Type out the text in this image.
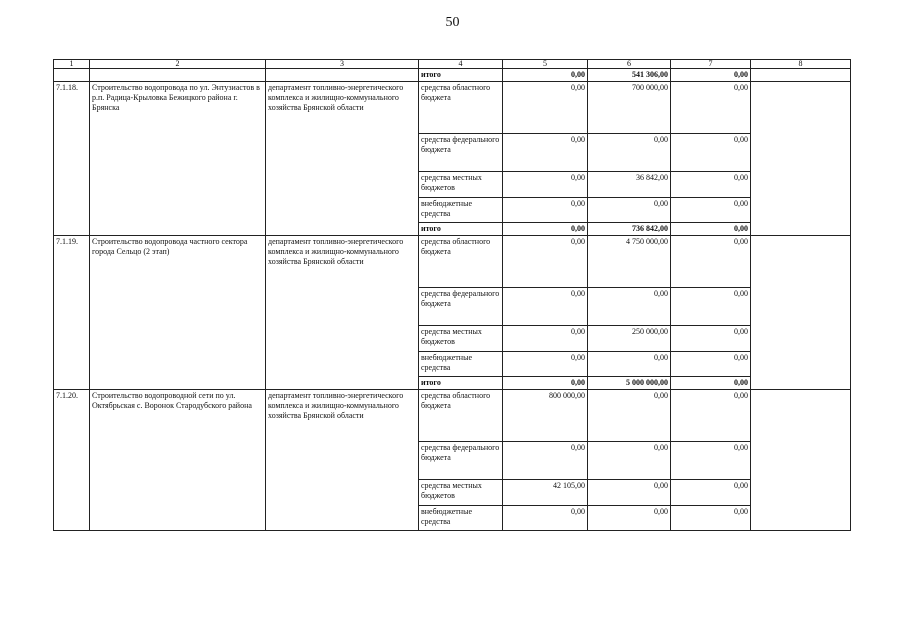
50
1	2	3	4	5	6	7	8
			итого	0,00	541 306,00	0,00	
7.1.18.	Строительство водопровода по ул. Энтузиастов в р.п. Радица-Крыловка Бежицкого района г. Брянска	департамент топливно-энергетического комплекса и жилищно-коммунального хозяйства Брянской области	средства областного бюджета	0,00	700 000,00	0,00	
			средства федерального бюджета	0,00	0,00	0,00	
			средства местных бюджетов	0,00	36 842,00	0,00	
			внебюджетные средства	0,00	0,00	0,00	
			итого	0,00	736 842,00	0,00	
7.1.19.	Строительство водопровода частного сектора города Сельцо (2 этап)	департамент топливно-энергетического комплекса и жилищно-коммунального хозяйства Брянской области	средства областного бюджета	0,00	4 750 000,00	0,00	
			средства федерального бюджета	0,00	0,00	0,00	
			средства местных бюджетов	0,00	250 000,00	0,00	
			внебюджетные средства	0,00	0,00	0,00	
			итого	0,00	5 000 000,00	0,00	
7.1.20.	Строительство водопроводной сети по ул. Октябрьская с. Воронок Стародубского района	департамент топливно-энергетического комплекса и жилищно-коммунального хозяйства Брянской области	средства областного бюджета	800 000,00	0,00	0,00	
			средства федерального бюджета	0,00	0,00	0,00	
			средства местных бюджетов	42 105,00	0,00	0,00	
			внебюджетные средства	0,00	0,00	0,00	
